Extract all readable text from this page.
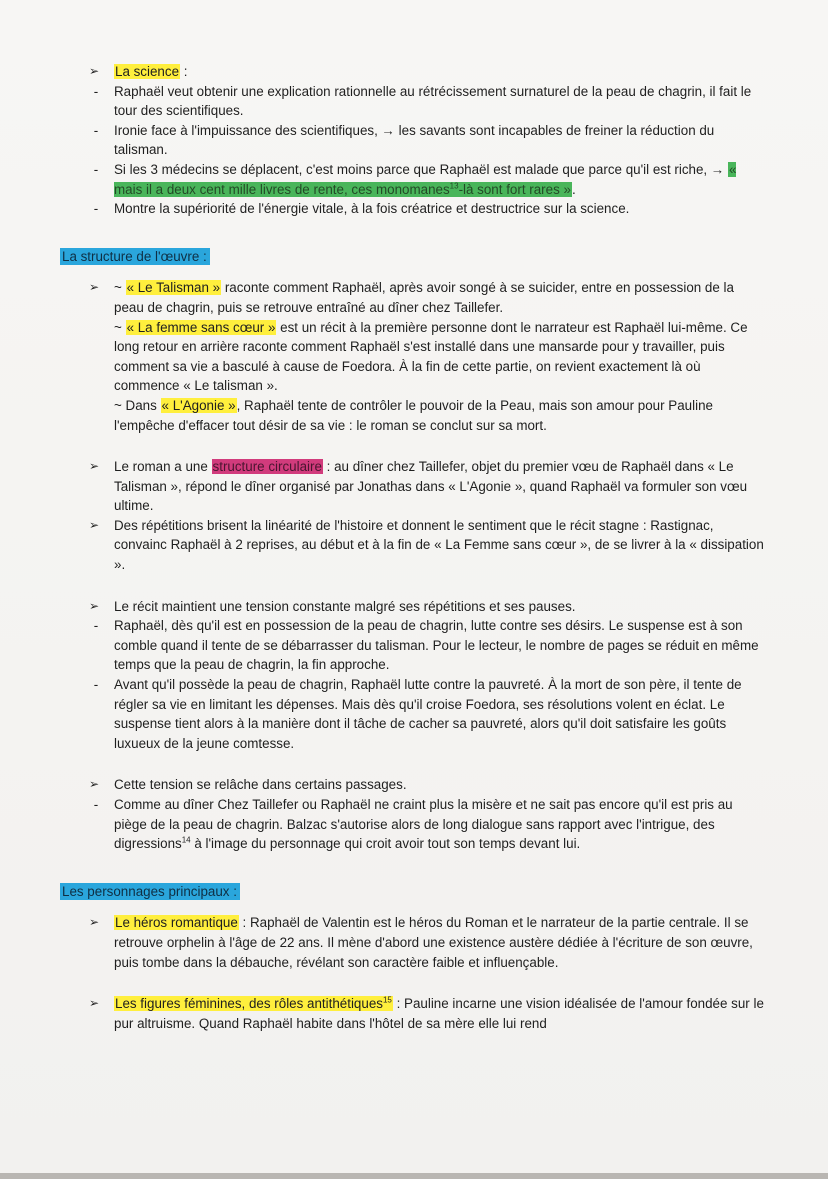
➢	La science :
-	Raphaël veut obtenir une explication rationnelle au rétrécissement surnaturel de la peau de chagrin, il fait le tour des scientifiques.
-	Ironie face à l'impuissance des scientifiques, → les savants sont incapables de freiner la réduction du talisman.
-	Si les 3 médecins se déplacent, c'est moins parce que Raphaël est malade que parce qu'il est riche, → « mais il a deux cent mille livres de rente, ces monomanes$^{13}$-là sont fort rares ».
-	Montre la supériorité de l'énergie vitale, à la fois créatrice et destructrice sur la science.
La structure de l'œuvre :
➢	~ « Le Talisman » raconte comment Raphaël, après avoir songé à se suicider, entre en possession de la peau de chagrin, puis se retrouve entraîné au dîner chez Taillefer.

~ « La femme sans cœur » est un récit à la première personne dont le narrateur est Raphaël lui-même. Ce long retour en arrière raconte comment Raphaël s'est installé dans une mansarde pour y travailler, puis comment sa vie a basculé à cause de Foedora. À la fin de cette partie, on revient exactement là où commence « Le talisman ».

~ Dans « L'Agonie », Raphaël tente de contrôler le pouvoir de la Peau, mais son amour pour Pauline l'empêche d'effacer tout désir de sa vie : le roman se conclut sur sa mort.

➢	Le roman a une structure circulaire : au dîner chez Taillefer, objet du premier vœu de Raphaël dans « Le Talisman », répond le dîner organisé par Jonathas dans « L'Agonie », quand Raphaël va formuler son vœu ultime.
➢	Des répétitions brisent la linéarité de l'histoire et donnent le sentiment que le récit stagne : Rastignac, convainc Raphaël à 2 reprises, au début et à la fin de « La Femme sans cœur », de se livrer à la « dissipation ».
➢	Le récit maintient une tension constante malgré ses répétitions et ses pauses.
-	Raphaël, dès qu'il est en possession de la peau de chagrin, lutte contre ses désirs. Le suspense est à son comble quand il tente de se débarrasser du talisman. Pour le lecteur, le nombre de pages se réduit en même temps que la peau de chagrin, la fin approche.
-	Avant qu'il possède la peau de chagrin, Raphaël lutte contre la pauvreté. À la mort de son père, il tente de régler sa vie en limitant les dépenses. Mais dès qu'il croise Foedora, ses résolutions volent en éclat. Le suspense tient alors à la manière dont il tâche de cacher sa pauvreté, alors qu'il doit satisfaire les goûts luxueux de la jeune comtesse.
➢	Cette tension se relâche dans certains passages.
-	Comme au dîner Chez Taillefer ou Raphaël ne craint plus la misère et ne sait pas encore qu'il est pris au piège de la peau de chagrin. Balzac s'autorise alors de long dialogue sans rapport avec l'intrigue, des digressions$^{14}$ à l'image du personnage qui croit avoir tout son temps devant lui.
Les personnages principaux :
➢	Le héros romantique : Raphaël de Valentin est le héros du Roman et le narrateur de la partie centrale. Il se retrouve orphelin à l'âge de 22 ans. Il mène d'abord une existence austère dédiée à l'écriture de son œuvre, puis tombe dans la débauche, révélant son caractère faible et influençable.
➢	Les figures féminines, des rôles antithétiques$^{15}$ : Pauline incarne une vision idéalisée de l'amour fondée sur le pur altruisme. Quand Raphaël habite dans l'hôtel de sa mère elle lui rend
